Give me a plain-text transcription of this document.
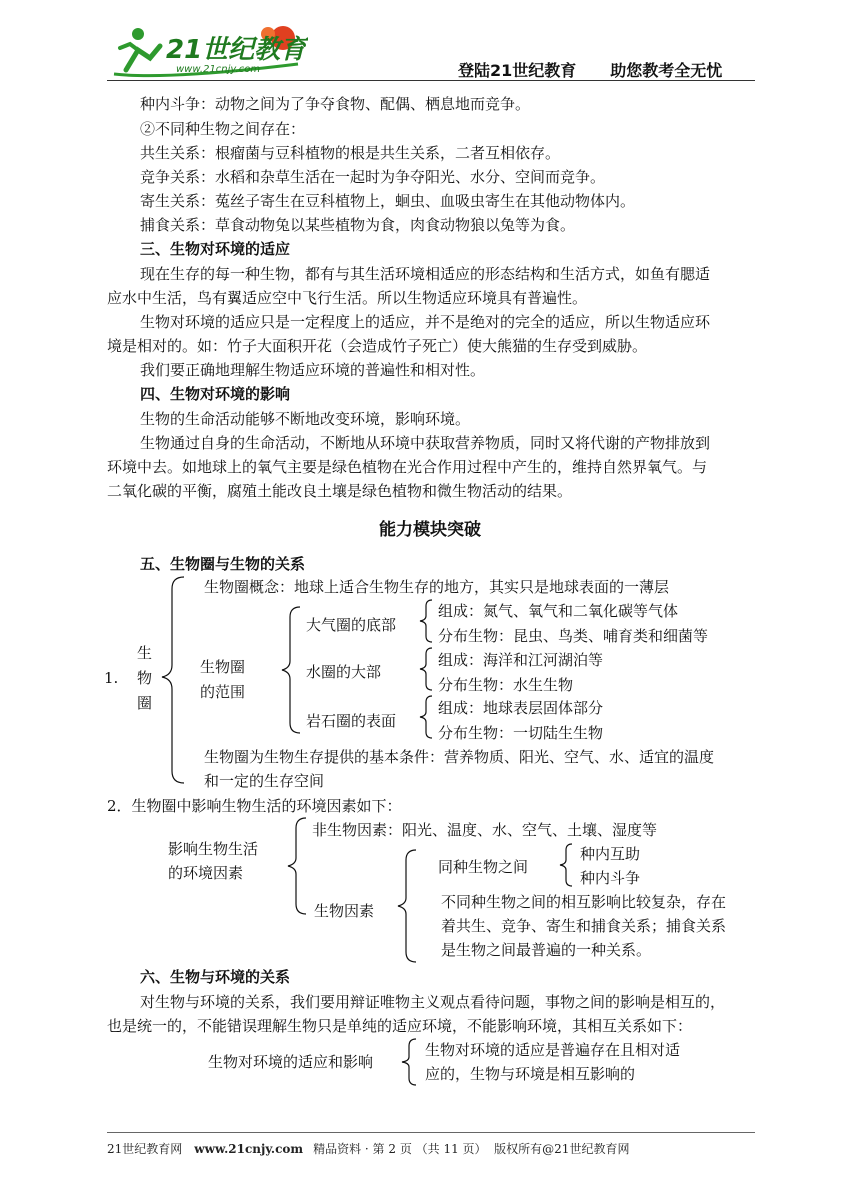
21世纪教育
www.21cnjy.com	登陆21世纪教育 助您教考全无忧
种内斗争：动物之间为了争夺食物、配偶、栖息地而竞争。
②不同种生物之间存在：
共生关系：根瘤菌与豆科植物的根是共生关系，二者互相依存。
竞争关系：水稻和杂草生活在一起时为争夺阳光、水分、空间而竞争。
寄生关系：菟丝子寄生在豆科植物上，蛔虫、血吸虫寄生在其他动物体内。
捕食关系：草食动物兔以某些植物为食，肉食动物狼以兔等为食。
三、生物对环境的适应
现在生存的每一种生物，都有与其生活环境相适应的形态结构和生活方式，如鱼有腮适
应水中生活，鸟有翼适应空中飞行生活。所以生物适应环境具有普遍性。
生物对环境的适应只是一定程度上的适应，并不是绝对的完全的适应，所以生物适应环
境是相对的。如：竹子大面积开花（会造成竹子死亡）使大熊猫的生存受到威胁。
我们要正确地理解生物适应环境的普遍性和相对性。
四、生物对环境的影响
生物的生命活动能够不断地改变环境，影响环境。
生物通过自身的生命活动，不断地从环境中获取营养物质，同时又将代谢的产物排放到
环境中去。如地球上的氧气主要是绿色植物在光合作用过程中产生的，维持自然界氧气。与
二氧化碳的平衡，腐殖土能改良土壤是绿色植物和微生物活动的结果。
能力模块突破
五、生物圈与生物的关系
1.
生
物
圈
生物圈概念：地球上适合生物生存的地方，其实只是地球表面的一薄层
生物圈
的范围
大气圈的底部
水圈的大部
岩石圈的表面
组成：氮气、氧气和二氧化碳等气体
分布生物：昆虫、鸟类、哺育类和细菌等
组成：海洋和江河湖泊等
分布生物：水生生物
组成：地球表层固体部分
分布生物：一切陆生生物
生物圈为生物生存提供的基本条件：营养物质、阳光、空气、水、适宜的温度
和一定的生存空间
2．生物圈中影响生物生活的环境因素如下：
影响生物生活
的环境因素
非生物因素：阳光、温度、水、空气、土壤、湿度等
生物因素
同种生物之间
种内互助
种内斗争
不同种生物之间的相互影响比较复杂，存在
着共生、竞争、寄生和捕食关系；捕食关系
是生物之间最普遍的一种关系。
六、生物与环境的关系
对生物与环境的关系，我们要用辩证唯物主义观点看待问题，事物之间的影响是相互的，
也是统一的，不能错误理解生物只是单纯的适应环境，不能影响环境，其相互关系如下：
生物对环境的适应和影响
生物对环境的适应是普遍存在且相对适
应的，生物与环境是相互影响的
21世纪教育网 www.21cnjy.com 精品资料 · 第 2 页 （共 11 页） 版权所有@21世纪教育网
